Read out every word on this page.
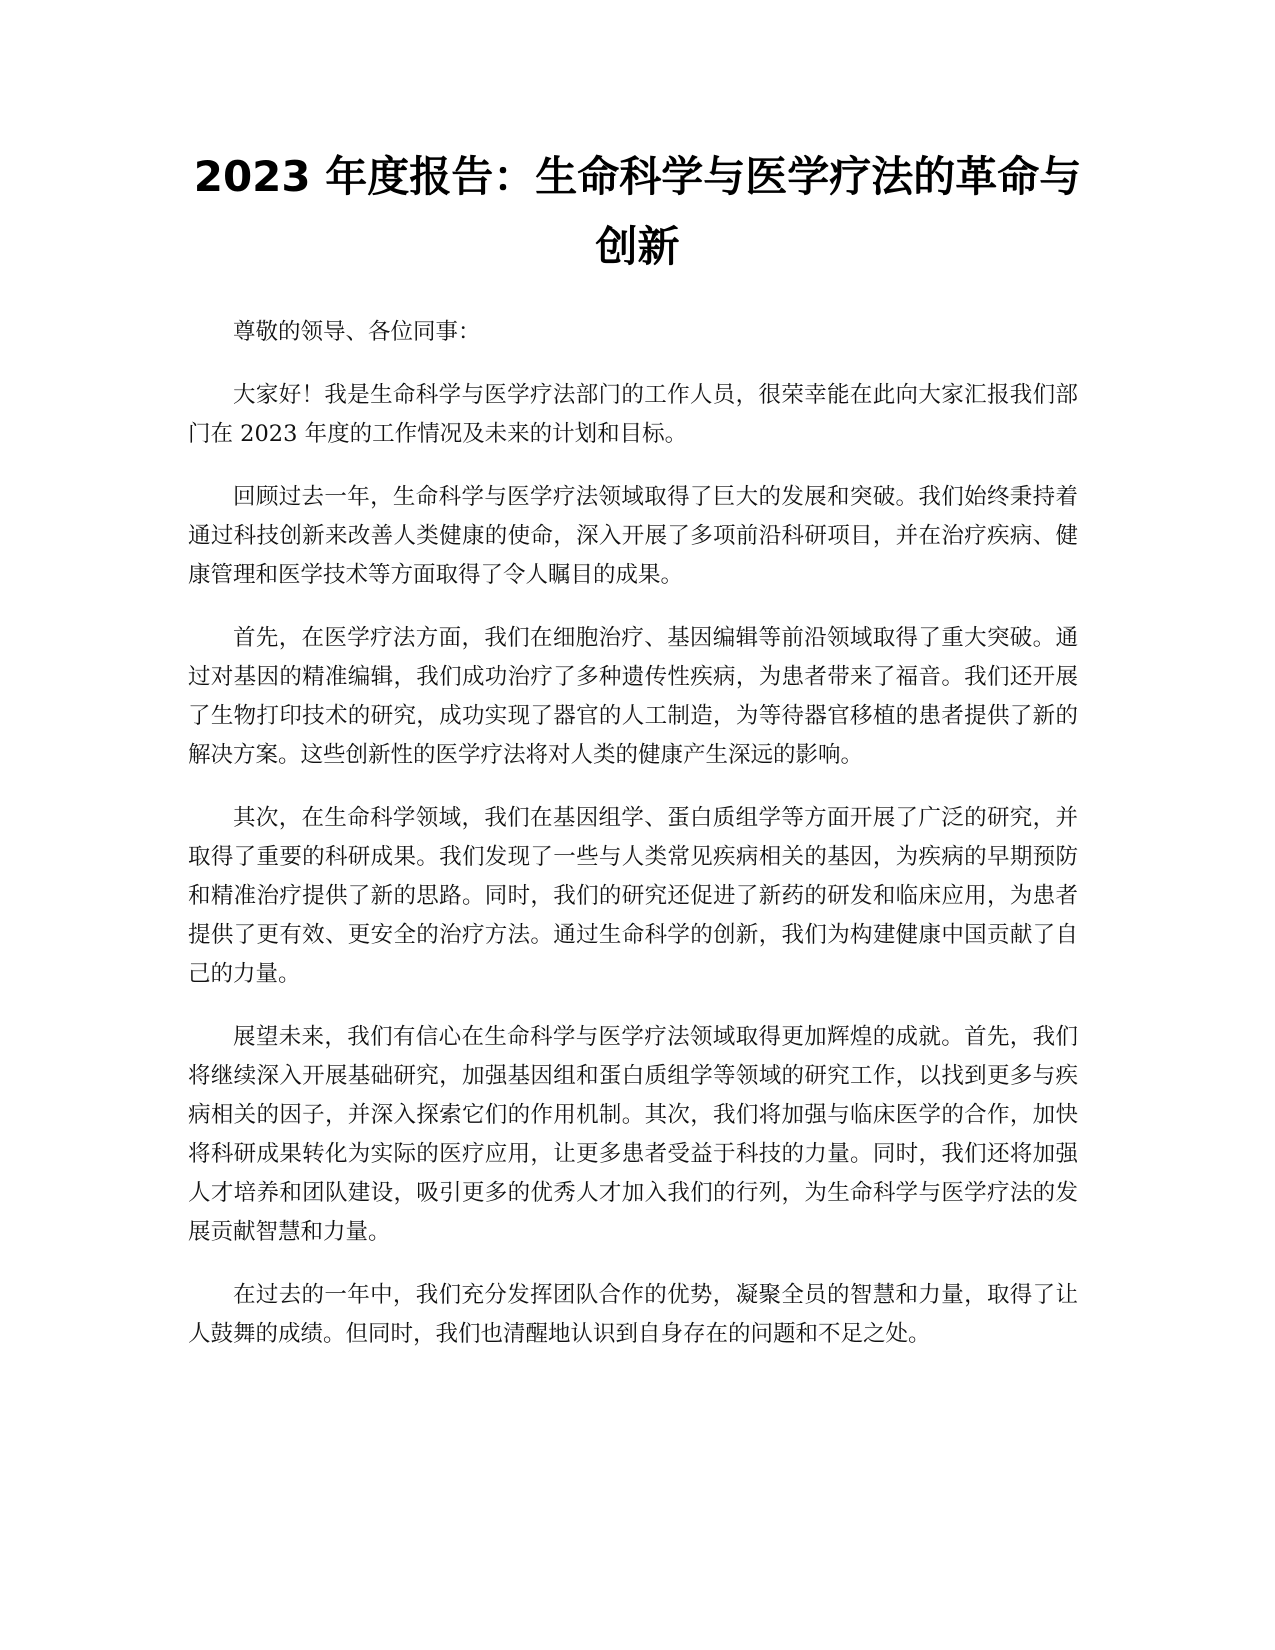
2023 年度报告：生命科学与医学疗法的革命与创新

尊敬的领导、各位同事：

大家好！我是生命科学与医学疗法部门的工作人员，很荣幸能在此向大家汇报我们部门在 2023 年度的工作情况及未来的计划和目标。

回顾过去一年，生命科学与医学疗法领域取得了巨大的发展和突破。我们始终秉持着通过科技创新来改善人类健康的使命，深入开展了多项前沿科研项目，并在治疗疾病、健康管理和医学技术等方面取得了令人瞩目的成果。

首先，在医学疗法方面，我们在细胞治疗、基因编辑等前沿领域取得了重大突破。通过对基因的精准编辑，我们成功治疗了多种遗传性疾病，为患者带来了福音。我们还开展了生物打印技术的研究，成功实现了器官的人工制造，为等待器官移植的患者提供了新的解决方案。这些创新性的医学疗法将对人类的健康产生深远的影响。

其次，在生命科学领域，我们在基因组学、蛋白质组学等方面开展了广泛的研究，并取得了重要的科研成果。我们发现了一些与人类常见疾病相关的基因，为疾病的早期预防和精准治疗提供了新的思路。同时，我们的研究还促进了新药的研发和临床应用，为患者提供了更有效、更安全的治疗方法。通过生命科学的创新，我们为构建健康中国贡献了自己的力量。

展望未来，我们有信心在生命科学与医学疗法领域取得更加辉煌的成就。首先，我们将继续深入开展基础研究，加强基因组和蛋白质组学等领域的研究工作，以找到更多与疾病相关的因子，并深入探索它们的作用机制。其次，我们将加强与临床医学的合作，加快将科研成果转化为实际的医疗应用，让更多患者受益于科技的力量。同时，我们还将加强人才培养和团队建设，吸引更多的优秀人才加入我们的行列，为生命科学与医学疗法的发展贡献智慧和力量。

在过去的一年中，我们充分发挥团队合作的优势，凝聚全员的智慧和力量，取得了让人鼓舞的成绩。但同时，我们也清醒地认识到自身存在的问题和不足之处。
